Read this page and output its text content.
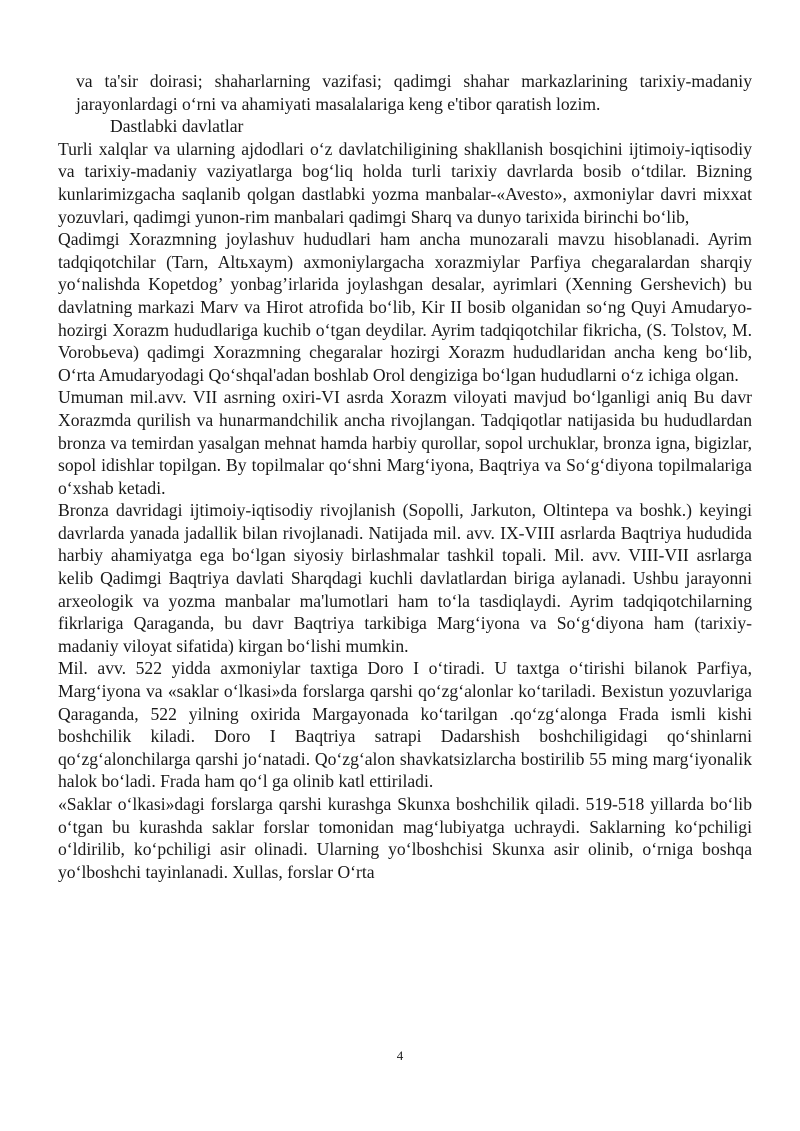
va ta'sir doirasi; shaharlarning vazifasi; qadimgi shahar markazlarining tarixiy-madaniy jarayonlardagi o‘rni va ahamiyati masalalariga keng e'tibor qaratish lozim.

Dastlabki davlatlar

Turli xalqlar va ularning ajdodlari o‘z davlatchiligining shakllanish bosqichini ijtimoiy-iqtisodiy va tarixiy-madaniy vaziyatlarga bog‘liq holda turli tarixiy davrlarda bosib o‘tdilar. Bizning kunlarimizgacha saqlanib qolgan dastlabki yozma manbalar-«Avesto», axmoniylar davri mixxat yozuvlari, qadimgi yunon-rim manbalari qadimgi Sharq va dunyo tarixida birinchi bo‘lib,

Qadimgi Xorazmning joylashuv hududlari ham ancha munozarali mavzu hisoblanadi. Ayrim tadqiqotchilar (Tarn, Altьxaym) axmoniylargacha xorazmiylar Parfiya chegaralardan sharqiy yo‘nalishda Kopetdog’ yonbag’irlarida joylashgan desalar, ayrimlari (Xenning Gershevich) bu davlatning markazi Marv va Hirot atrofida bo‘lib, Kir II bosib olganidan so‘ng Quyi Amudaryo-hozirgi Xorazm hududlariga kuchib o‘tgan deydilar. Ayrim tadqiqotchilar fikricha, (S. Tolstov, M. Vorobьeva) qadimgi Xorazmning chegaralar hozirgi Xorazm hududlaridan ancha keng bo‘lib, O‘rta Amudaryodagi Qo‘shqal'adan boshlab Orol dengiziga bo‘lgan hududlarni o‘z ichiga olgan.

Umuman mil.avv. VII asrning oxiri-VI asrda Xorazm viloyati mavjud bo‘lganligi aniq Bu davr Xorazmda qurilish va hunarmandchilik ancha rivojlangan. Tadqiqotlar natijasida bu hududlardan bronza va temirdan yasalgan mehnat hamda harbiy qurollar, sopol urchuklar, bronza igna, bigizlar, sopol idishlar topilgan. By topilmalar qo‘shni Marg‘iyona, Baqtriya va So‘g‘diyona topilmalariga o‘xshab ketadi.

Bronza davridagi ijtimoiy-iqtisodiy rivojlanish (Sopolli, Jarkuton, Oltintepa va boshk.) keyingi davrlarda yanada jadallik bilan rivojlanadi. Natijada mil. avv. IX-VIII asrlarda Baqtriya hududida harbiy ahamiyatga ega bo‘lgan siyosiy birlashmalar tashkil topali. Mil. avv. VIII-VII asrlarga kelib Qadimgi Baqtriya davlati Sharqdagi kuchli davlatlardan biriga aylanadi. Ushbu jarayonni arxeologik va yozma manbalar ma'lumotlari ham to‘la tasdiqlaydi. Ayrim tadqiqotchilarning fikrlariga Qaraganda, bu davr Baqtriya tarkibiga Marg‘iyona va So‘g‘diyona ham (tarixiy-madaniy viloyat sifatida) kirgan bo‘lishi mumkin.

Mil. avv. 522 yidda axmoniylar taxtiga Doro I o‘tiradi. U taxtga o‘tirishi bilanok Parfiya, Marg‘iyona va «saklar o‘lkasi»da forslarga qarshi qo‘zg‘alonlar ko‘tariladi. Bexistun yozuvlariga Qaraganda, 522 yilning oxirida Margayonada ko‘tarilgan .qo‘zg‘alonga Frada ismli kishi boshchilik kiladi. Doro I Baqtriya satrapi Dadarshish boshchiligidagi qo‘shinlarni qo‘zg‘alonchilarga qarshi jo‘natadi. Qo‘zg‘alon shavkatsizlarcha bostirilib 55 ming marg‘iyonalik halok bo‘ladi. Frada ham qo‘l ga olinib katl ettiriladi.

«Saklar o‘lkasi»dagi forslarga qarshi kurashga Skunxa boshchilik qiladi. 519-518 yillarda bo‘lib o‘tgan bu kurashda saklar forslar tomonidan mag‘lubiyatga uchraydi. Saklarning ko‘pchiligi o‘ldirilib, ko‘pchiligi asir olinadi. Ularning yo‘lboshchisi Skunxa asir olinib, o‘rniga boshqa yo‘lboshchi tayinlanadi. Xullas, forslar O‘rta

4
